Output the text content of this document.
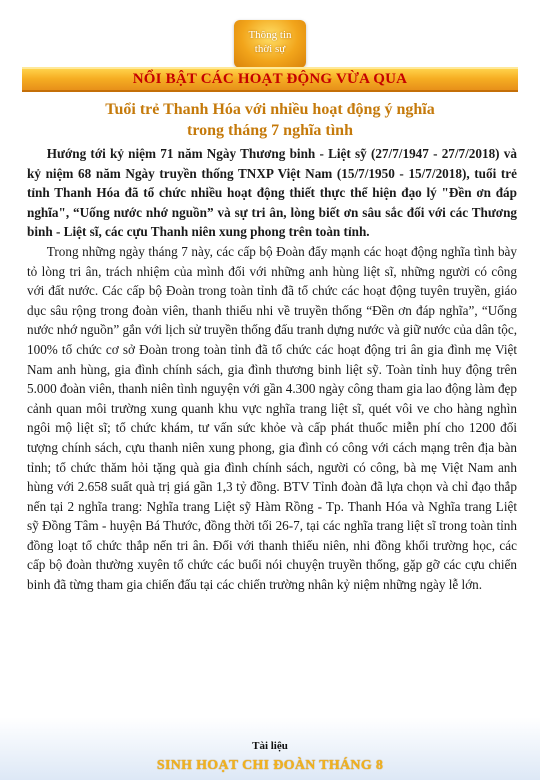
Thông tin
thời sự
NỔI BẬT CÁC HOẠT ĐỘNG VỪA QUA
Tuổi trẻ Thanh Hóa với nhiều hoạt động ý nghĩa
trong tháng 7 nghĩa tình

Hướng tới kỷ niệm 71 năm Ngày Thương binh - Liệt sỹ (27/7/1947 - 27/7/2018) và kỷ niệm 68 năm Ngày truyền thống TNXP Việt Nam (15/7/1950 - 15/7/2018), tuổi trẻ tỉnh Thanh Hóa đã tổ chức nhiều hoạt động thiết thực thể hiện đạo lý "Đền ơn đáp nghĩa", “Uống nước nhớ nguồn” và sự tri ân, lòng biết ơn sâu sắc đối với các Thương binh - Liệt sĩ, các cựu Thanh niên xung phong trên toàn tỉnh.

Trong những ngày tháng 7 này, các cấp bộ Đoàn đẩy mạnh các hoạt động nghĩa tình bày tỏ lòng tri ân, trách nhiệm của mình đối với những anh hùng liệt sĩ, những người có công với đất nước. Các cấp bộ Đoàn trong toàn tỉnh đã tổ chức các hoạt động tuyên truyền, giáo dục sâu rộng trong đoàn viên, thanh thiếu nhi về truyền thống “Đền ơn đáp nghĩa”, “Uống nước nhớ nguồn” gắn với lịch sử truyền thống đấu tranh dựng nước và giữ nước của dân tộc, 100% tổ chức cơ sở Đoàn trong toàn tỉnh đã tổ chức các hoạt động tri ân gia đình mẹ Việt Nam anh hùng, gia đình chính sách, gia đình thương binh liệt sỹ. Toàn tỉnh huy động trên 5.000 đoàn viên, thanh niên tình nguyện với gần 4.300 ngày công tham gia lao động làm đẹp cảnh quan môi trường xung quanh khu vực nghĩa trang liệt sĩ, quét vôi ve cho hàng nghìn ngôi mộ liệt sĩ; tổ chức khám, tư vấn sức khỏe và cấp phát thuốc miễn phí cho 1200 đối tượng chính sách, cựu thanh niên xung phong, gia đình có công với cách mạng trên địa bàn tỉnh; tổ chức thăm hỏi tặng quà gia đình chính sách, người có công, bà mẹ Việt Nam anh hùng với 2.658 suất quà trị giá gần 1,3 tỷ đồng. BTV Tỉnh đoàn đã lựa chọn và chỉ đạo thắp nến tại 2 nghĩa trang: Nghĩa trang Liệt sỹ Hàm Rồng - Tp. Thanh Hóa và Nghĩa trang Liệt sỹ Đồng Tâm - huyện Bá Thước, đồng thời tối 26-7, tại các nghĩa trang liệt sĩ trong toàn tỉnh đồng loạt tổ chức thắp nến tri ân. Đối với thanh thiếu niên, nhi đồng khối trường học, các cấp bộ đoàn thường xuyên tổ chức các buổi nói chuyện truyền thống, gặp gỡ các cựu chiến binh đã từng tham gia chiến đấu tại các chiến trường nhân kỷ niệm những ngày lễ lớn.

Tài liệu
SINH HOẠT CHI ĐOÀN THÁNG 8
